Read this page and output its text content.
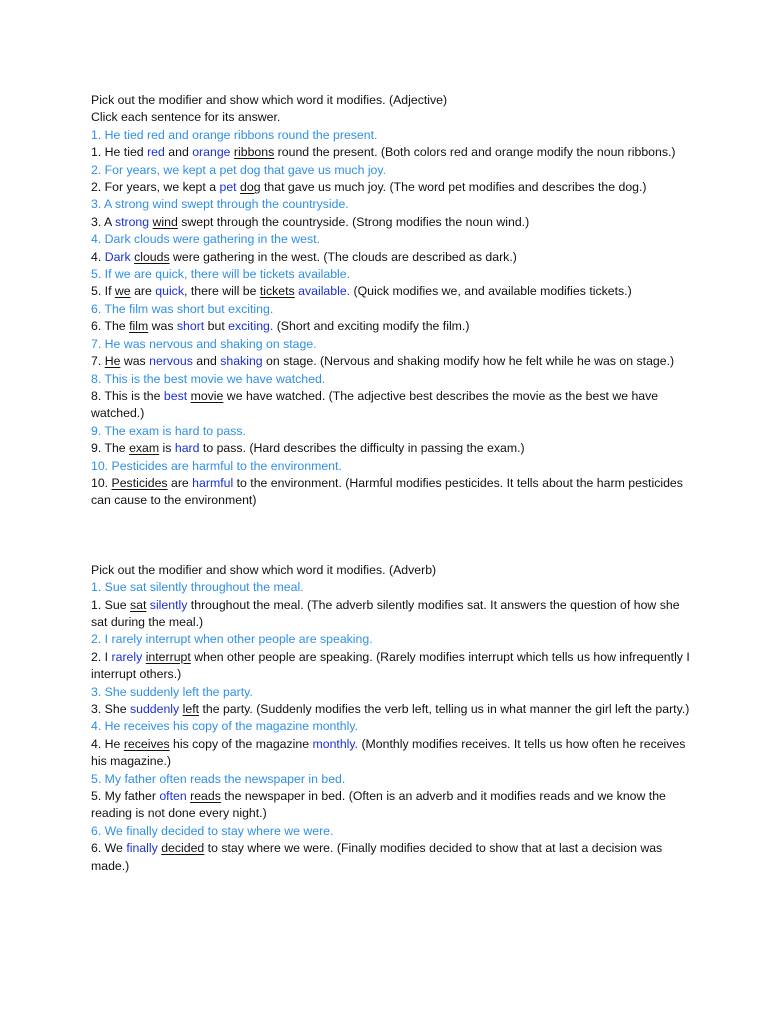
Pick out the modifier and show which word it modifies. (Adjective)

Click each sentence for its answer.

1. He tied red and orange ribbons round the present.

1. He tied red and orange ribbons round the present. (Both colors red and orange modify the noun ribbons.)

2. For years, we kept a pet dog that gave us much joy.

2. For years, we kept a pet dog that gave us much joy. (The word pet modifies and describes the dog.)

3. A strong wind swept through the countryside.

3. A strong wind swept through the countryside. (Strong modifies the noun wind.)

4. Dark clouds were gathering in the west.

4. Dark clouds were gathering in the west. (The clouds are described as dark.)

5. If we are quick, there will be tickets available.

5. If we are quick, there will be tickets available. (Quick modifies we, and available modifies tickets.)

6. The film was short but exciting.

6. The film was short but exciting. (Short and exciting modify the film.)

7. He was nervous and shaking on stage.

7. He was nervous and shaking on stage. (Nervous and shaking modify how he felt while he was on stage.)

8. This is the best movie we have watched.

8. This is the best movie we have watched. (The adjective best describes the movie as the best we have watched.)

9. The exam is hard to pass.

9. The exam is hard to pass. (Hard describes the difficulty in passing the exam.)

10. Pesticides are harmful to the environment.

10. Pesticides are harmful to the environment. (Harmful modifies pesticides. It tells about the harm pesticides can cause to the environment)

Pick out the modifier and show which word it modifies. (Adverb)

1. Sue sat silently throughout the meal.

1. Sue sat silently throughout the meal. (The adverb silently modifies sat. It answers the question of how she sat during the meal.)

2. I rarely interrupt when other people are speaking.

2. I rarely interrupt when other people are speaking. (Rarely modifies interrupt which tells us how infrequently I interrupt others.)

3. She suddenly left the party.

3. She suddenly left the party. (Suddenly modifies the verb left, telling us in what manner the girl left the party.)

4. He receives his copy of the magazine monthly.

4. He receives his copy of the magazine monthly. (Monthly modifies receives. It tells us how often he receives his magazine.)

5. My father often reads the newspaper in bed.

5. My father often reads the newspaper in bed. (Often is an adverb and it modifies reads and we know the reading is not done every night.)

6. We finally decided to stay where we were.

6. We finally decided to stay where we were. (Finally modifies decided to show that at last a decision was made.)
